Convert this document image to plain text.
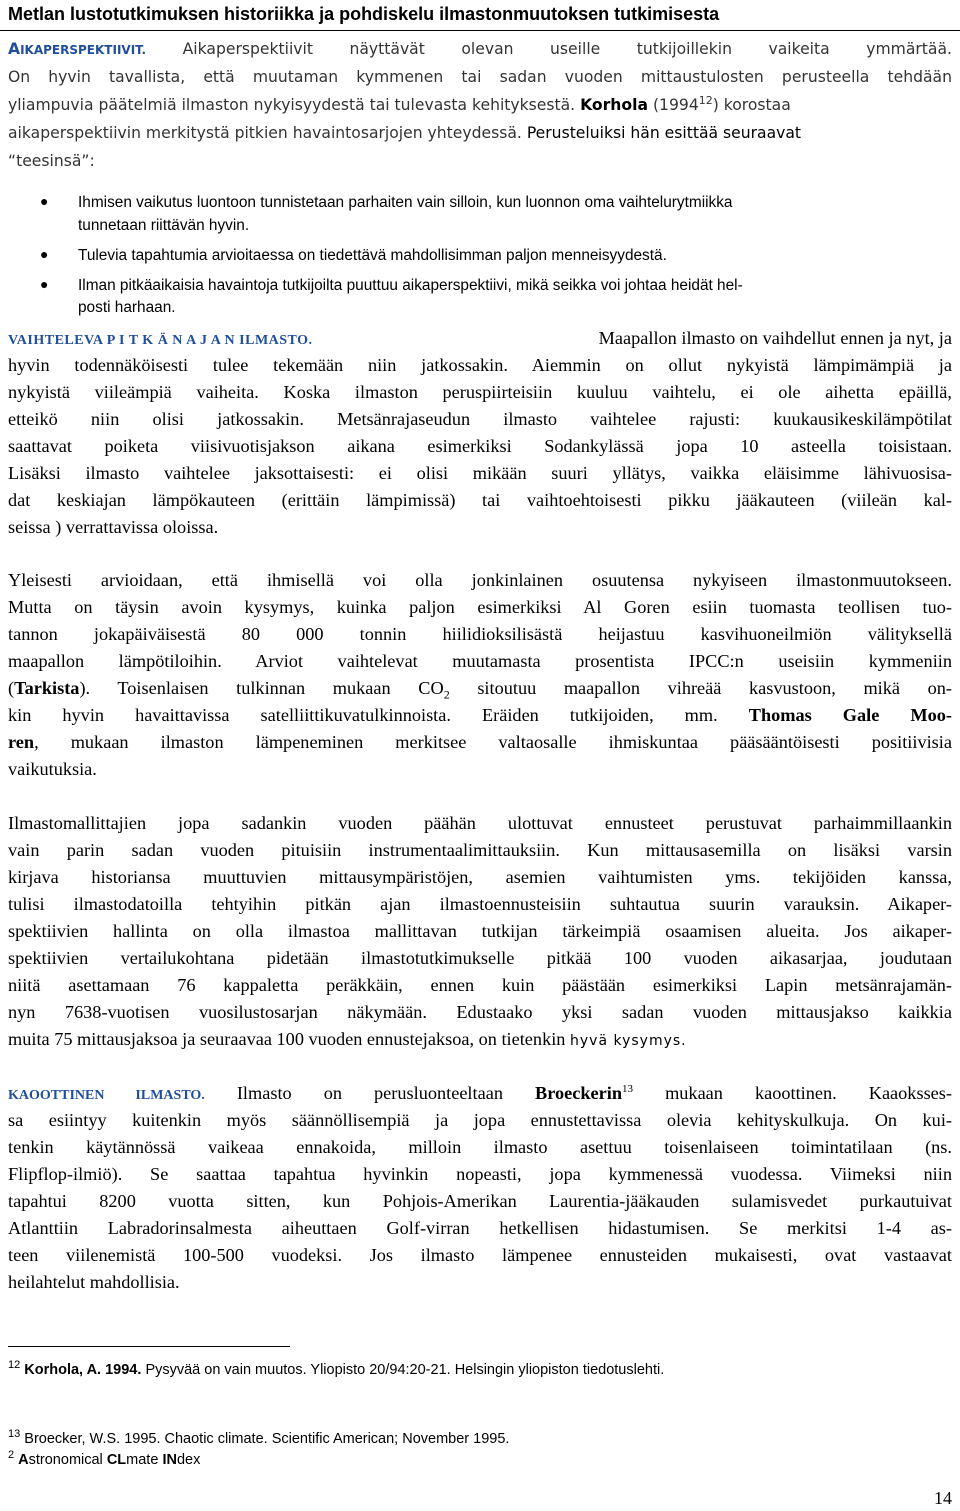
Metlan lustotutkimuksen historiikka ja pohdiskelu ilmastonmuutoksen tutkimisesta
AIKAPERSPEKTIIVIT. Aikaperspektiivit näyttävät olevan useille tutkijoillekin vaikeita ymmärtää.
On hyvin tavallista, että muutaman kymmenen tai sadan vuoden mittaustulosten perusteella tehdään
yliampuvia päätelmiä ilmaston nykyisyydestä tai tulevasta kehityksestä. Korhola (1994$^{12}$) korostaa
aikaperspektiivin merkitystä pitkien havaintosarjojen yhteydessä. Perusteluiksi hän esittää seuraavat
“teesinsä”:
● Ihmisen vaikutus luontoon tunnistetaan parhaiten vain silloin, kun luonnon oma vaihtelurytmiikka
tunnetaan riittävän hyvin.
● Tulevia tapahtumia arvioitaessa on tiedettävä mahdollisimman paljon menneisyydestä.
● Ilman pitkäaikaisia havaintoja tutkijoilta puuttuu aikaperspektiivi, mikä seikka voi johtaa heidät hel-
posti harhaan.
VAIHTELEVA P I T K Ä N A J A N ILMASTO.	Maapallon ilmasto on vaihdellut ennen ja nyt, ja
hyvin todennäköisesti tulee tekemään niin jatkossakin. Aiemmin on ollut nykyistä lämpimämpiä ja
nykyistä viileämpiä vaiheita. Koska ilmaston peruspiirteisiin kuuluu vaihtelu, ei ole aihetta epäillä,
etteikö niin olisi jatkossakin. Metsänrajaseudun ilmasto vaihtelee rajusti: kuukausikeskilämpötilat
saattavat poiketa viisivuotisjakson aikana esimerkiksi Sodankylässä jopa 10 asteella toisistaan.
Lisäksi ilmasto vaihtelee jaksottaisesti: ei olisi mikään suuri yllätys, vaikka eläisimme lähivuosisa-
dat keskiajan lämpökauteen (erittäin lämpimissä) tai vaihtoehtoisesti pikku jääkauteen (viileän kal-
seissa ) verrattavissa oloissa.
Yleisesti arvioidaan, että ihmisellä voi olla jonkinlainen osuutensa nykyiseen ilmastonmuutokseen.
Mutta on täysin avoin kysymys, kuinka paljon esimerkiksi Al Goren esiin tuomasta teollisen tuo-
tannon jokapäiväisestä 80 000 tonnin hiilidioksilisästä heijastuu kasvihuoneilmiön välityksellä
maapallon lämpötiloihin. Arviot vaihtelevat muutamasta prosentista IPCC:n useisiin kymmeniin
(Tarkista). Toisenlaisen tulkinnan mukaan $CO_2$ sitoutuu maapallon vihreää kasvustoon, mikä on-
kin hyvin havaittavissa satelliittikuvatulkinnoista. Eräiden tutkijoiden, mm. Thomas Gale Moo-
ren, mukaan ilmaston lämpeneminen merkitsee valtaosalle ihmiskuntaa pääsääntöisesti positiivisia
vaikutuksia.
Ilmastomallittajien jopa sadankin vuoden päähän ulottuvat ennusteet perustuvat parhaimmillaankin
vain parin sadan vuoden pituisiin instrumentaalimittauksiin. Kun mittausasemilla on lisäksi varsin
kirjava historiansa muuttuvien mittausympäristöjen, asemien vaihtumisten yms. tekijöiden kanssa,
tulisi ilmastodatoilla tehtyihin pitkän ajan ilmastoennusteisiin suhtautua suurin varauksin. Aikaper-
spektiivien hallinta on olla ilmastoa mallittavan tutkijan tärkeimpiä osaamisen alueita. Jos aikaper-
spektiivien vertailukohtana pidetään ilmastotutkimukselle pitkää 100 vuoden aikasarjaa, joudutaan
niitä asettamaan 76 kappaletta peräkkäin, ennen kuin päästään esimerkiksi Lapin metsänrajamän-
nyn 7638-vuotisen vuosilustosarjan näkymään. Edustaako yksi sadan vuoden mittausjakso kaikkia
muita 75 mittausjaksoa ja seuraavaa 100 vuoden ennustejaksoa, on tietenkin hyvä kysymys.
KAOOTTINEN ILMASTO. Ilmasto on perusluonteeltaan Broeckerin$^{13}$ mukaan kaoottinen. Kaaoksses-
sa esiintyy kuitenkin myös säännöllisempiä ja jopa ennustettavissa olevia kehityskulkuja. On kui-
tenkin käytännössä vaikeaa ennakoida, milloin ilmasto asettuu toisenlaiseen toimintatilaan (ns.
Flipflop-ilmiö). Se saattaa tapahtua hyvinkin nopeasti, jopa kymmenessä vuodessa. Viimeksi niin
tapahtui 8200 vuotta sitten, kun Pohjois-Amerikan Laurentia-jääkauden sulamisvedet purkautuivat
Atlanttiin Labradorinsalmesta aiheuttaen Golf-virran hetkellisen hidastumisen. Se merkitsi 1-4 as-
teen viilenemistä 100-500 vuodeksi. Jos ilmasto lämpenee ennusteiden mukaisesti, ovat vastaavat
heilahtelut mahdollisia.
$^{12}$ Korhola, A. 1994. Pysyvää on vain muutos. Yliopisto 20/94:20-21. Helsingin yliopiston tiedotuslehti.
$^{13}$ Broecker, W.S. 1995. Chaotic climate. Scientific American; November 1995.
$^2$ Astronomical CLmate INdex
14
